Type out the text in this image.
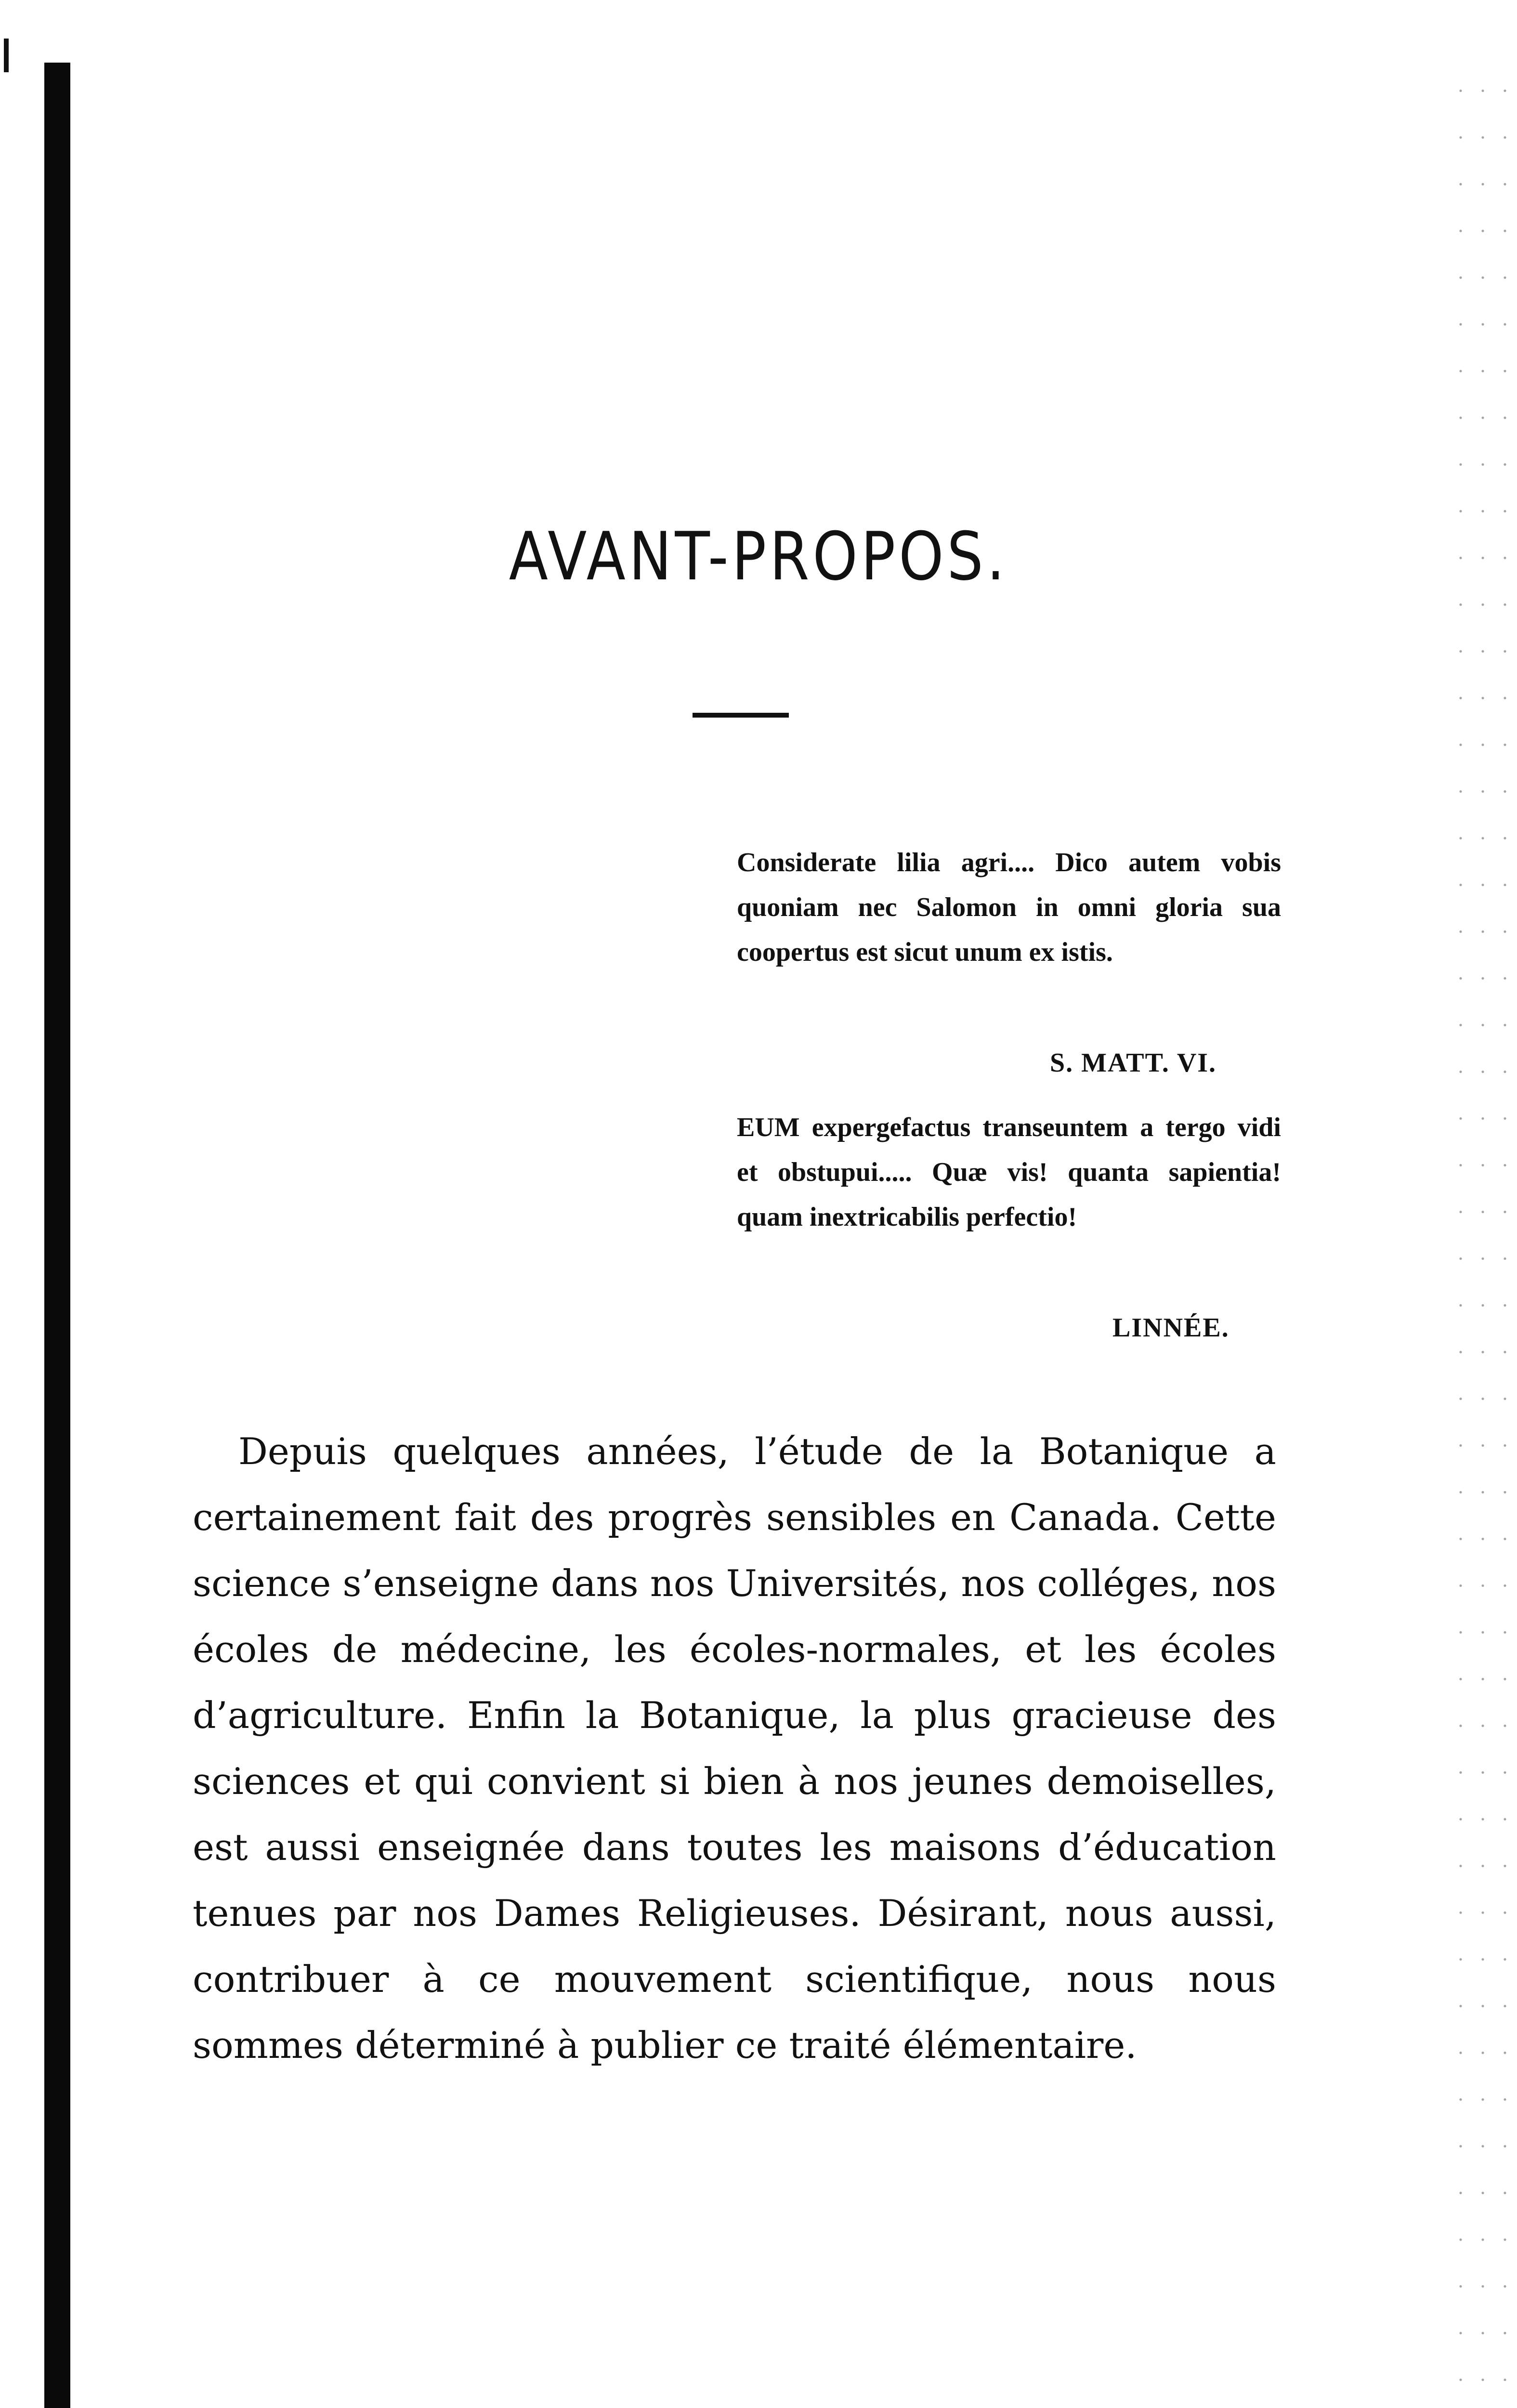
AVANT-PROPOS.

Considerate lilia agri.... Dico autem vobis quoniam nec Salomon in omni gloria sua coopertus est sicut unum ex istis.

S. MATT. VI.

EUM expergefactus transeuntem a tergo vidi et obstupui..... Quæ vis! quanta sapientia! quam inextricabilis perfectio!

LINNÉE.

Depuis quelques années, l’étude de la Botanique a certainement fait des progrès sensibles en Canada. Cette science s’enseigne dans nos Universités, nos colléges, nos écoles de médecine, les écoles-normales, et les écoles d’agriculture. Enfin la Botanique, la plus gracieuse des sciences et qui convient si bien à nos jeunes demoiselles, est aussi enseignée dans toutes les maisons d’éducation tenues par nos Dames Religieuses. Désirant, nous aussi, contribuer à ce mouvement scientifique, nous nous sommes déterminé à publier ce traité élémentaire.
